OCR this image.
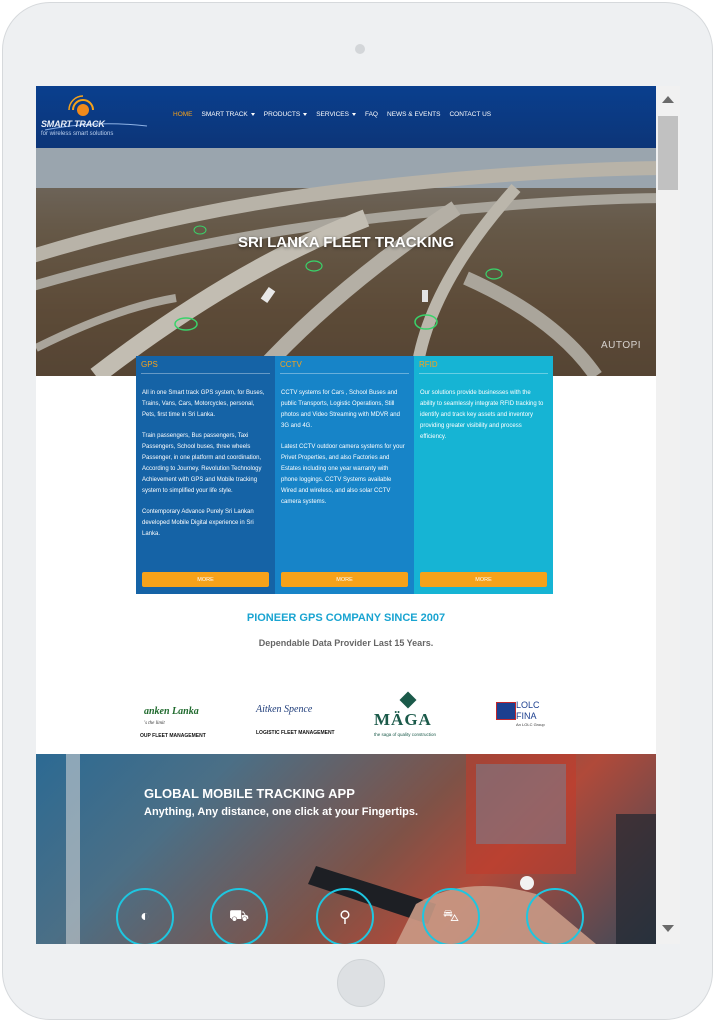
SMART TRACK
for wireless smart solutions
HOME SMART TRACK PRODUCTS SERVICES FAQ NEWS & EVENTS CONTACT US
SRI LANKA FLEET TRACKING
AUTOPI
GPS

All in one Smart track GPS system, for Buses, Trains, Vans, Cars, Motorcycles, personal, Pets, first time in Sri Lanka.

Train passengers, Bus passengers, Taxi Passengers, School buses, three wheels Passenger, in one platform and coordination, According to Journey. Revolution Technology Achievement with GPS and Mobile tracking system to simplified your life style.

Contemporary Advance Purely Sri Lankan developed Mobile Digital experience in Sri Lanka.

MORE
CCTV

CCTV systems for Cars , School Buses and public Transports, Logistic Operations, Still photos and Video Streaming with MDVR and 3G and 4G.

Latest CCTV outdoor camera systems for your Privet Properties, and also Factories and Estates including one year warranty with phone loggings. CCTV Systems available Wired and wireless, and also solar CCTV camera systems.

MORE
RFID

Our solutions provide businesses with the ability to seamlessly integrate RFID tracking to identify and track key assets and inventory providing greater visibility and process efficiency.

MORE
PIONEER GPS COMPANY SINCE 2007
Dependable Data Provider Last 15 Years.
anken Lanka
's the limit
OUP FLEET MANAGEMENT
Aitken Spence
LOGISTIC FLEET MANAGEMENT
MÄGA
the saga of quality construction
LOLC
FINA
An LOLC Group
GLOBAL MOBILE TRACKING APP
Anything, Any distance, one click at your Fingertips.
◐	⛟	⚲	⛍
